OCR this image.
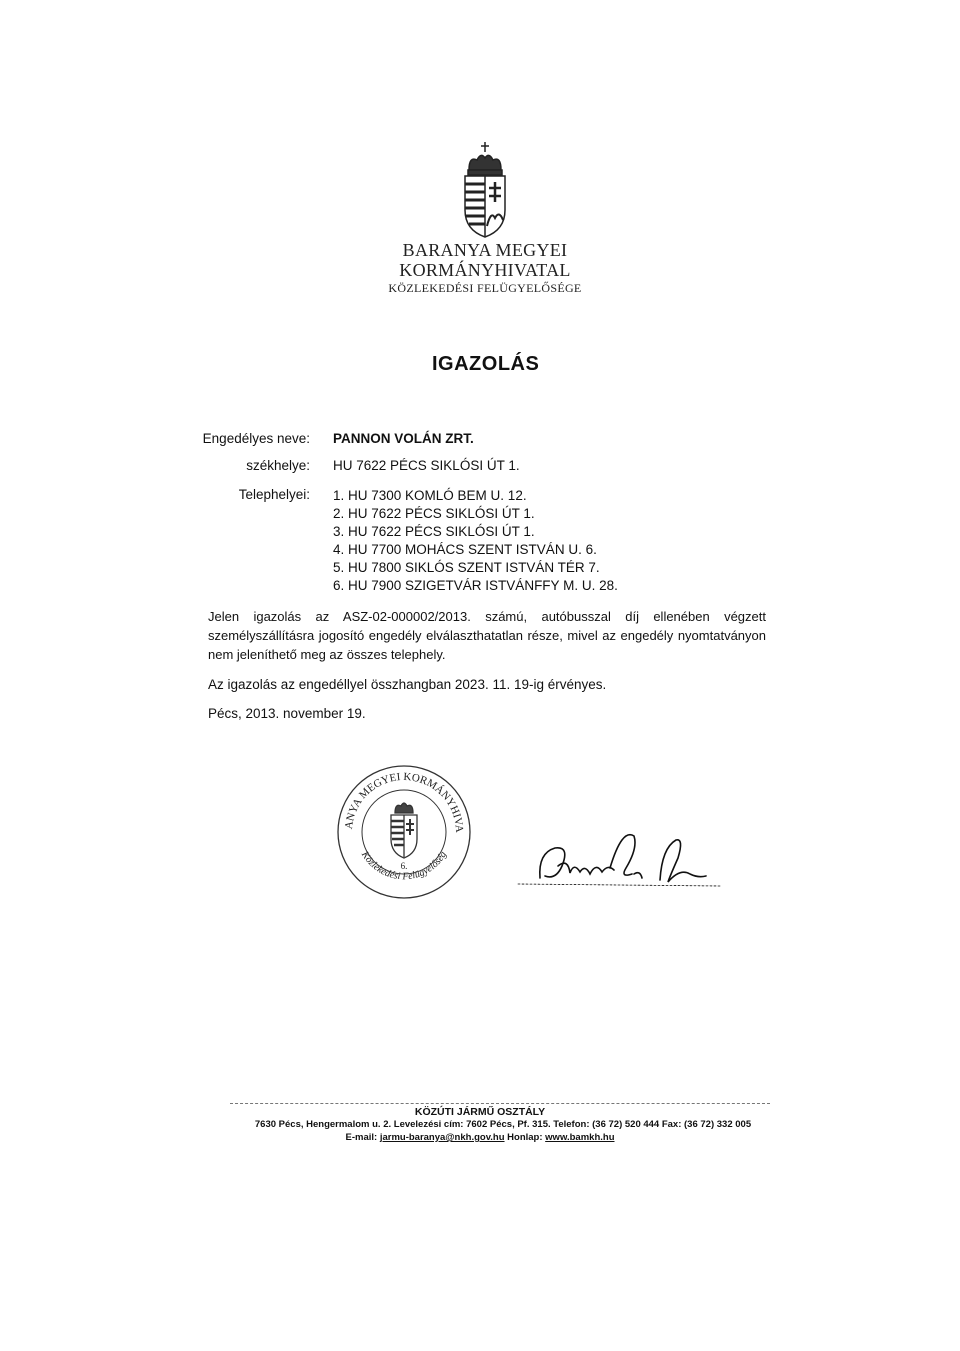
BARANYA MEGYEI
KORMÁNYHIVATAL
KÖZLEKEDÉSI FELÜGYELŐSÉGE
IGAZOLÁS
Engedélyes neve: PANNON VOLÁN ZRT.
székhelye: HU 7622 PÉCS SIKLÓSI ÚT 1.
Telephelyei: 1. HU 7300 KOMLÓ BEM U. 12.
2. HU 7622 PÉCS SIKLÓSI ÚT 1.
3. HU 7622 PÉCS SIKLÓSI ÚT 1.
4. HU 7700 MOHÁCS SZENT ISTVÁN U. 6.
5. HU 7800 SIKLÓS SZENT ISTVÁN TÉR 7.
6. HU 7900 SZIGETVÁR ISTVÁNFFY M. U. 28.
Jelen igazolás az ASZ-02-000002/2013. számú, autóbusszal díj ellenében végzett személyszállításra jogosító engedély elválaszthatatlan része, mivel az engedély nyomtatványon nem jeleníthető meg az összes telephely.
Az igazolás az engedéllyel összhangban 2023. 11. 19-ig érvényes.
Pécs, 2013. november 19.
ANYA MEGYEI KORMÁNYHIVA
Közlekedési Felügyelőség
6.
KÖZÚTI JÁRMŰ OSZTÁLY
7630 Pécs, Hengermalom u. 2. Levelezési cím: 7602 Pécs, Pf. 315. Telefon: (36 72) 520 444 Fax: (36 72) 332 005
E-mail: jarmu-baranya@nkh.gov.hu Honlap: www.bamkh.hu
